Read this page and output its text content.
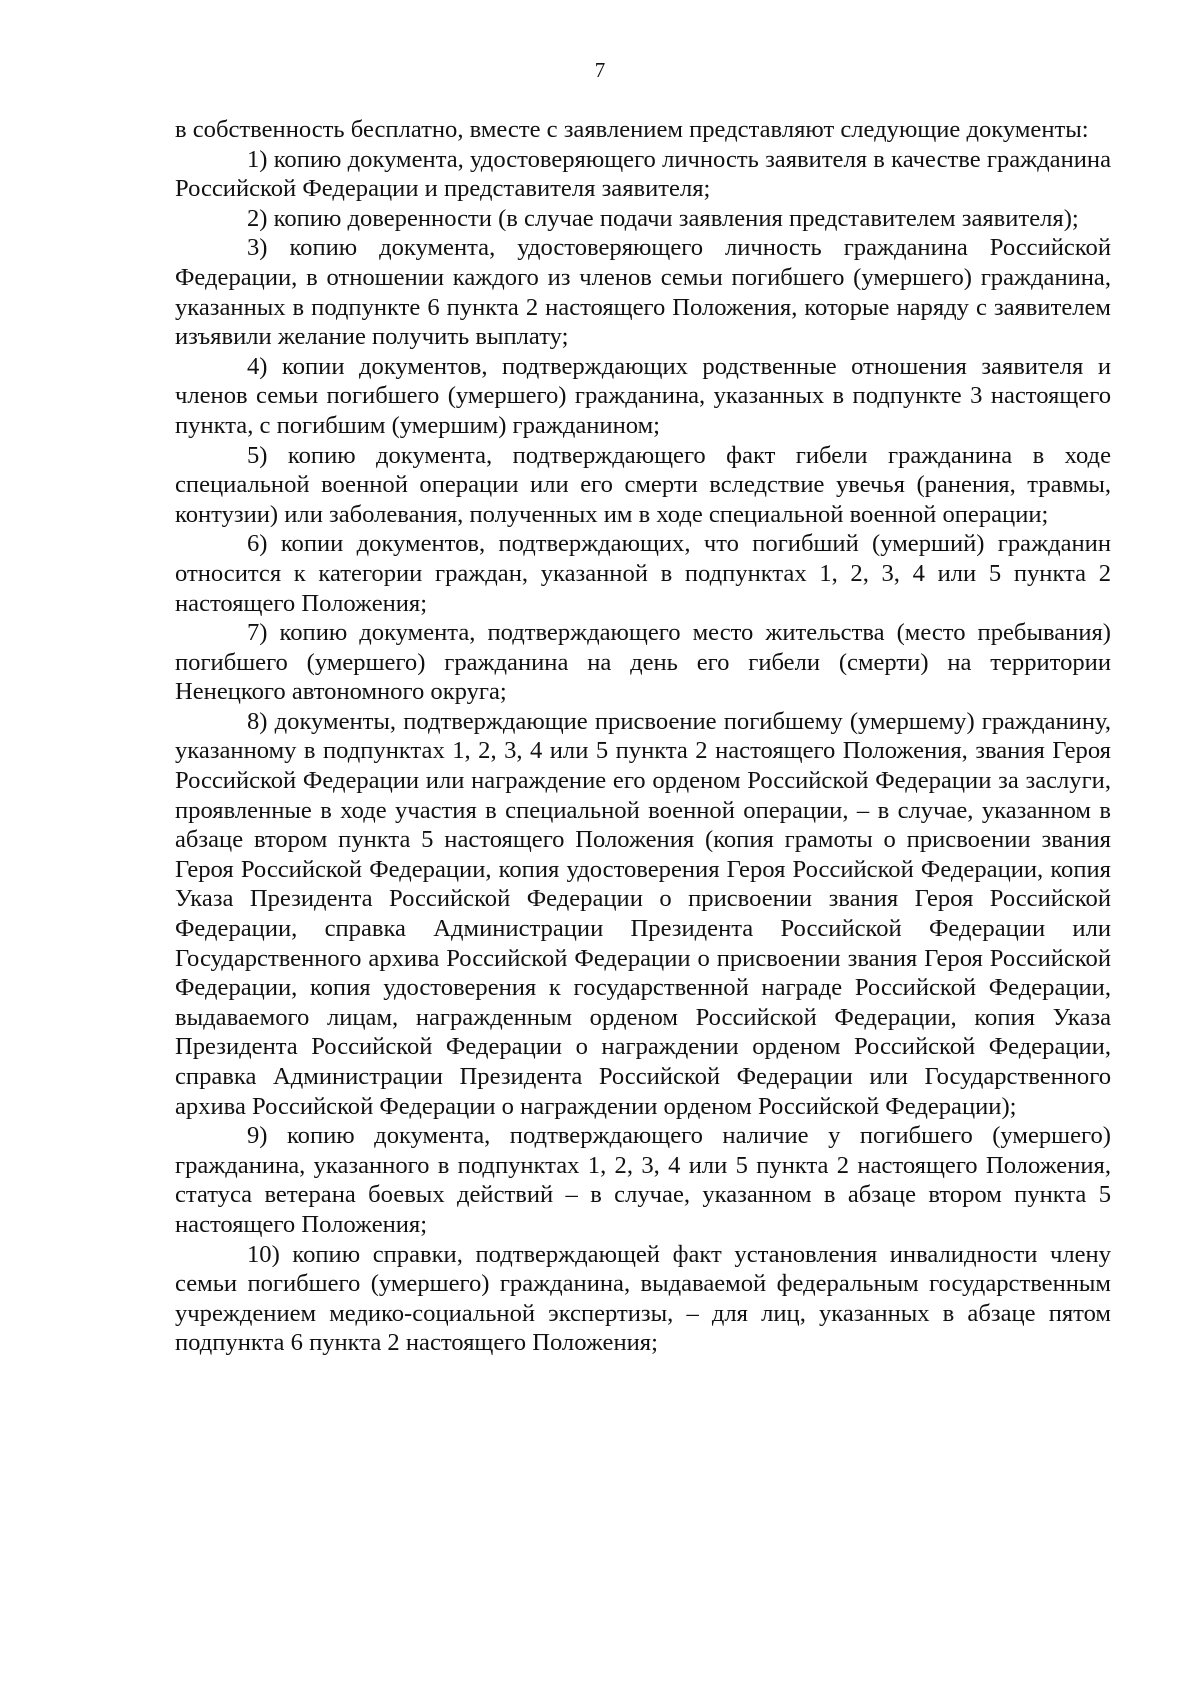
7

в собственность бесплатно, вместе с заявлением представляют следующие документы:

1) копию документа, удостоверяющего личность заявителя в качестве гражданина Российской Федерации и представителя заявителя;

2) копию доверенности (в случае подачи заявления представителем заявителя);

3) копию документа, удостоверяющего личность гражданина Российской Федерации, в отношении каждого из членов семьи погибшего (умершего) гражданина, указанных в подпункте 6 пункта 2 настоящего Положения, которые наряду с заявителем изъявили желание получить выплату;

4) копии документов, подтверждающих родственные отношения заявителя и членов семьи погибшего (умершего) гражданина, указанных в подпункте 3 настоящего пункта, с погибшим (умершим) гражданином;

5) копию документа, подтверждающего факт гибели гражданина в ходе специальной военной операции или его смерти вследствие увечья (ранения, травмы, контузии) или заболевания, полученных им в ходе специальной военной операции;

6) копии документов, подтверждающих, что погибший (умерший) гражданин относится к категории граждан, указанной в подпунктах 1, 2, 3, 4 или 5 пункта 2 настоящего Положения;

7) копию документа, подтверждающего место жительства (место пребывания) погибшего (умершего) гражданина на день его гибели (смерти) на территории Ненецкого автономного округа;

8) документы, подтверждающие присвоение погибшему (умершему) гражданину, указанному в подпунктах 1, 2, 3, 4 или 5 пункта 2 настоящего Положения, звания Героя Российской Федерации или награждение его орденом Российской Федерации за заслуги, проявленные в ходе участия в специальной военной операции, – в случае, указанном в абзаце втором пункта 5 настоящего Положения (копия грамоты о присвоении звания Героя Российской Федерации, копия удостоверения Героя Российской Федерации, копия Указа Президента Российской Федерации о присвоении звания Героя Российской Федерации, справка Администрации Президента Российской Федерации или Государственного архива Российской Федерации о присвоении звания Героя Российской Федерации, копия удостоверения к государственной награде Российской Федерации, выдаваемого лицам, награжденным орденом Российской Федерации, копия Указа Президента Российской Федерации о награждении орденом Российской Федерации, справка Администрации Президента Российской Федерации или Государственного архива Российской Федерации о награждении орденом Российской Федерации);

9) копию документа, подтверждающего наличие у погибшего (умершего) гражданина, указанного в подпунктах 1, 2, 3, 4 или 5 пункта 2 настоящего Положения, статуса ветерана боевых действий – в случае, указанном в абзаце втором пункта 5 настоящего Положения;

10) копию справки, подтверждающей факт установления инвалидности члену семьи погибшего (умершего) гражданина, выдаваемой федеральным государственным учреждением медико-социальной экспертизы, – для лиц, указанных в абзаце пятом подпункта 6 пункта 2 настоящего Положения;
